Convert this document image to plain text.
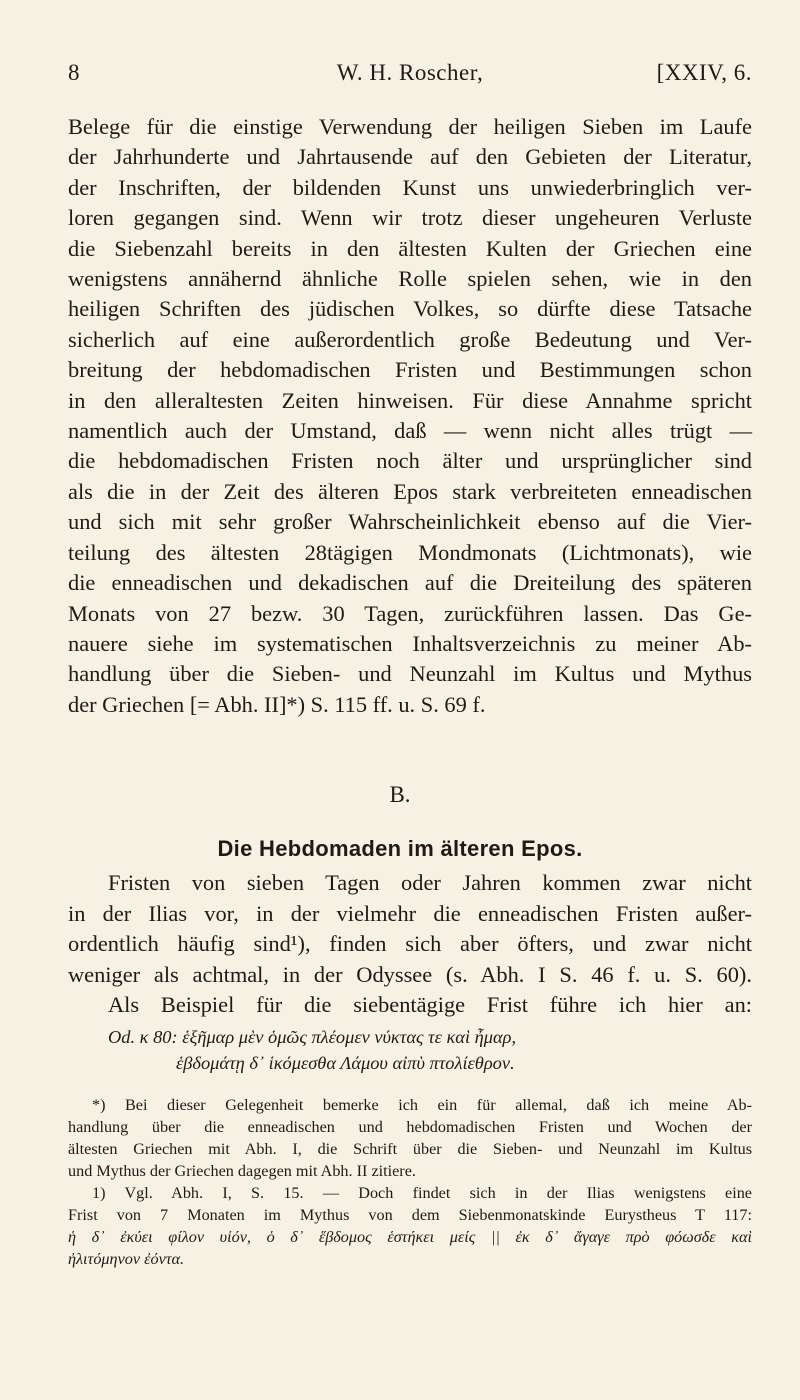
8	W. H. Roscher,	[XXIV, 6.
Belege für die einstige Verwendung der heiligen Sieben im Laufe
der Jahrhunderte und Jahrtausende auf den Gebieten der Literatur,
der Inschriften, der bildenden Kunst uns unwiederbringlich ver-
loren gegangen sind. Wenn wir trotz dieser ungeheuren Verluste
die Siebenzahl bereits in den ältesten Kulten der Griechen eine
wenigstens annähernd ähnliche Rolle spielen sehen, wie in den
heiligen Schriften des jüdischen Volkes, so dürfte diese Tatsache
sicherlich auf eine außerordentlich große Bedeutung und Ver-
breitung der hebdomadischen Fristen und Bestimmungen schon
in den alleraltesten Zeiten hinweisen. Für diese Annahme spricht
namentlich auch der Umstand, daß — wenn nicht alles trügt —
die hebdomadischen Fristen noch älter und ursprünglicher sind
als die in der Zeit des älteren Epos stark verbreiteten enneadischen
und sich mit sehr großer Wahrscheinlichkeit ebenso auf die Vier-
teilung des ältesten 28tägigen Mondmonats (Lichtmonats), wie
die enneadischen und dekadischen auf die Dreiteilung des späteren
Monats von 27 bezw. 30 Tagen, zurückführen lassen. Das Ge-
nauere siehe im systematischen Inhaltsverzeichnis zu meiner Ab-
handlung über die Sieben- und Neunzahl im Kultus und Mythus
der Griechen [= Abh. II]*) S. 115 ff. u. S. 69 f.
B.
Die Hebdomaden im älteren Epos.
Fristen von sieben Tagen oder Jahren kommen zwar nicht
in der Ilias vor, in der vielmehr die enneadischen Fristen außer-
ordentlich häufig sind¹), finden sich aber öfters, und zwar nicht
weniger als achtmal, in der Odyssee (s. Abh. I S. 46 f. u. S. 60).
Als Beispiel für die siebentägige Frist führe ich hier an:
Od. κ 80: ἑξῆμαρ μὲν ὁμῶς πλέομεν νύκτας τε καὶ ἦμαρ,
ἑβδομάτῃ δ᾽ ἱκόμεσθα Λάμου αἰπὺ πτολίεθρον.
*) Bei dieser Gelegenheit bemerke ich ein für allemal, daß ich meine Ab-
handlung über die enneadischen und hebdomadischen Fristen und Wochen der
ältesten Griechen mit Abh. I, die Schrift über die Sieben- und Neunzahl im Kultus
und Mythus der Griechen dagegen mit Abh. II zitiere.
1) Vgl. Abh. I, S. 15. — Doch findet sich in der Ilias wenigstens eine
Frist von 7 Monaten im Mythus von dem Siebenmonatskinde Eurystheus T 117:
ἡ δ᾽ ἐκύει φίλον υἱόν, ὁ δ᾽ ἕβδομος ἑστήκει μείς || ἐκ δ᾽ ἄγαγε πρὸ φόωσδε καὶ
ἠλιτόμηνον ἐόντα.
